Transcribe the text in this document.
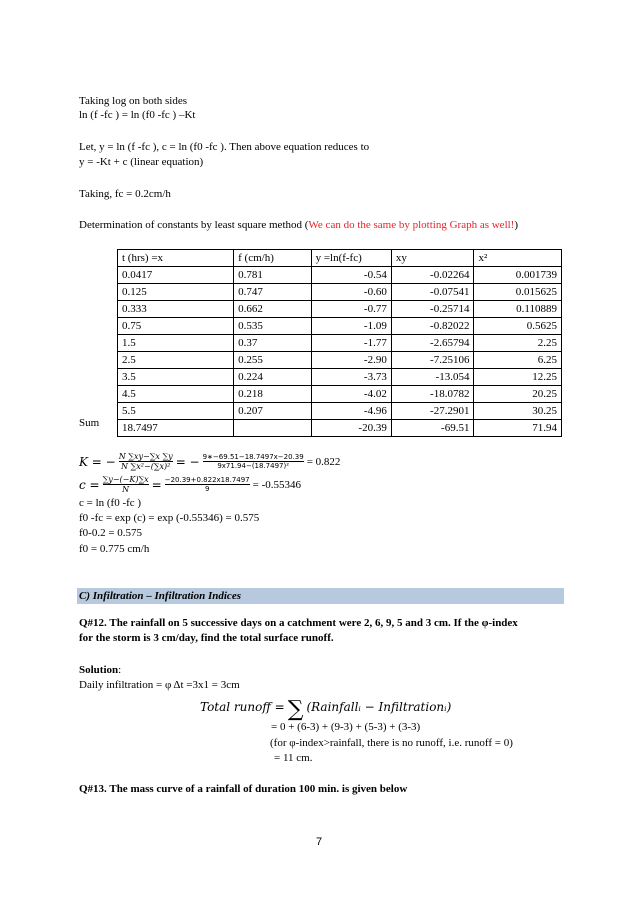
Taking log on both sides
ln (f -fc ) = ln (f0 -fc ) –Kt
Let, y = ln (f -fc ), c = ln (f0 -fc ). Then above equation reduces to
y = -Kt + c (linear equation)
Taking, fc = 0.2cm/h
Determination of constants by least square method (We can do the same by plotting Graph as well!)
t (hrs) =x	f (cm/h)	y =ln(f-fc)	xy	x²
0.0417	0.781	-0.54	-0.02264	0.001739
0.125	0.747	-0.60	-0.07541	0.015625
0.333	0.662	-0.77	-0.25714	0.110889
0.75	0.535	-1.09	-0.82022	0.5625
1.5	0.37	-1.77	-2.65794	2.25
2.5	0.255	-2.90	-7.25106	6.25
3.5	0.224	-3.73	-13.054	12.25
4.5	0.218	-4.02	-18.0782	20.25
5.5	0.207	-4.96	-27.2901	30.25
18.7497		-20.39	-69.51	71.94
Sum
K = − N ∑xy−∑x ∑y
N ∑x²−(∑x)² = − 9∗−69.51−18.7497x−20.39
9x71.94−(18.7497)² = 0.822
c = ∑y−(−K)∑x
N = −20.39+0.822x18.7497
9	= -0.55346
c = ln (f0 -fc )
f0 -fc = exp (c) = exp (-0.55346) = 0.575
f0-0.2 = 0.575
f0 = 0.775 cm/h
C) Infiltration – Infiltration Indices
Q#12. The rainfall on 5 successive days on a catchment were 2, 6, 9, 5 and 3 cm. If the φ-index
for the storm is 3 cm/day, find the total surface runoff.
Solution:
Daily infiltration = φ Δt =3x1 = 3cm
Total runoff = ∑ (Rainfallᵢ − Infiltrationᵢ)
= 0 + (6-3) + (9-3) + (5-3) + (3-3)
(for φ-index>rainfall, there is no runoff, i.e. runoff = 0)
= 11 cm.
Q#13. The mass curve of a rainfall of duration 100 min. is given below
7
